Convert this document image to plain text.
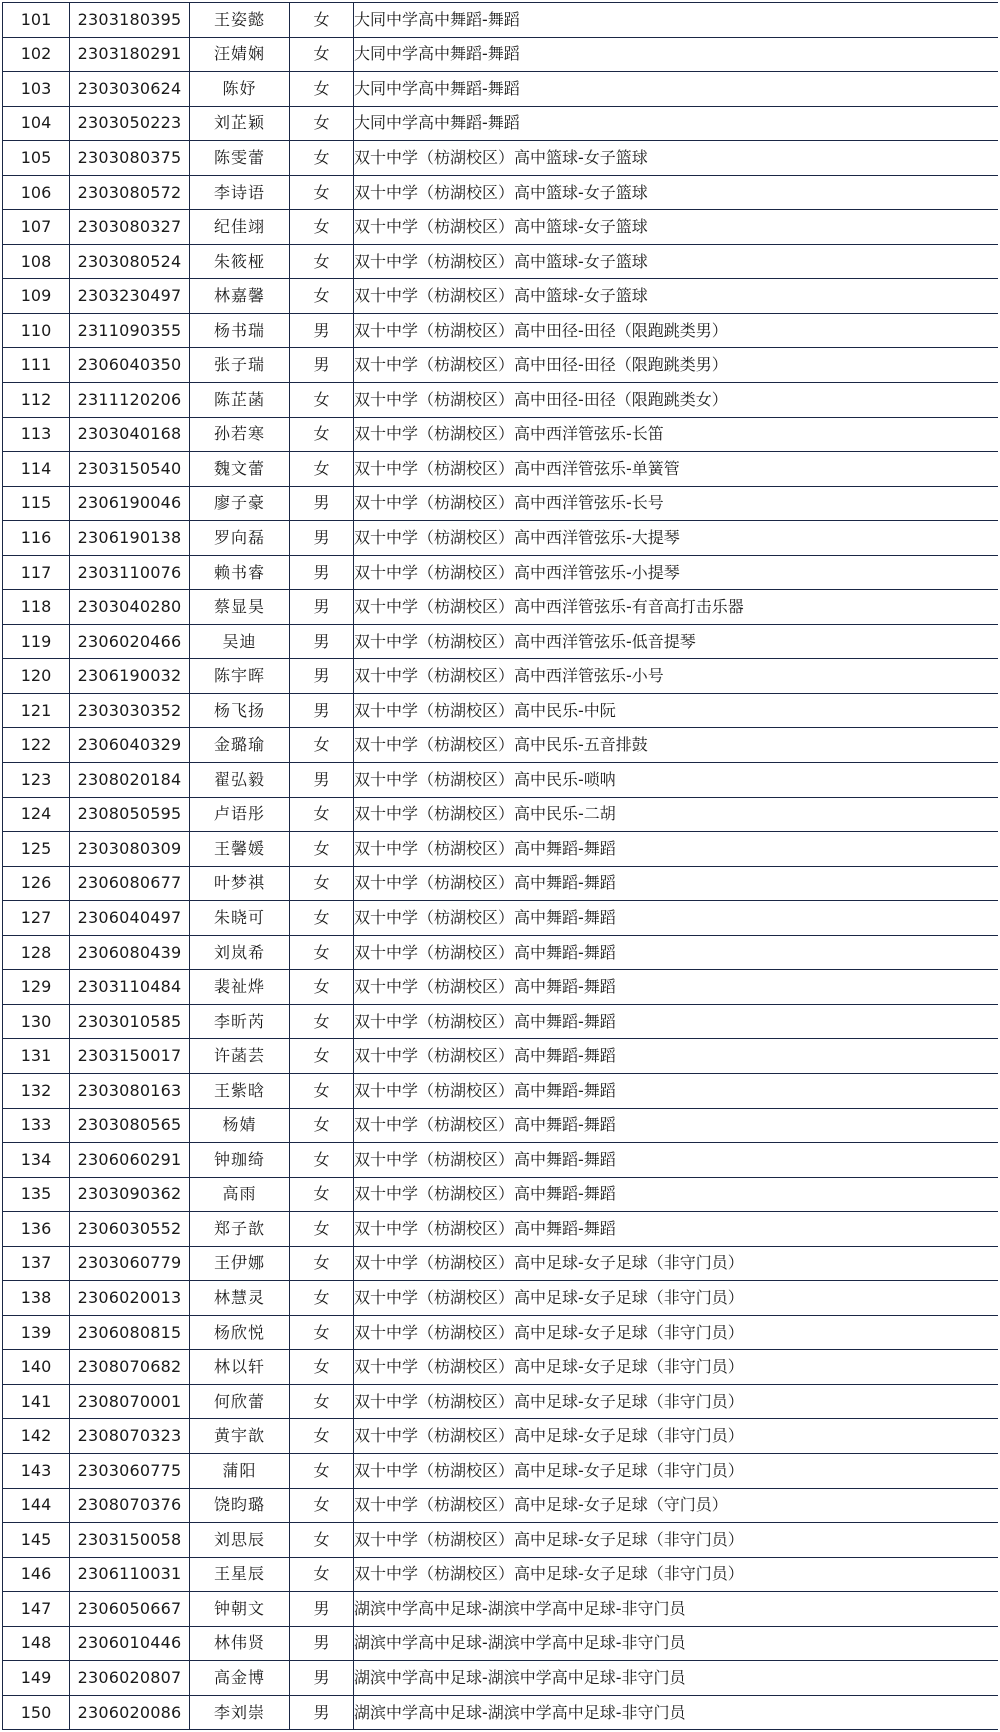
101	2303180395	王姿懿	女	大同中学高中舞蹈-舞蹈
102	2303180291	汪婧娴	女	大同中学高中舞蹈-舞蹈
103	2303030624	陈妤	女	大同中学高中舞蹈-舞蹈
104	2303050223	刘芷颖	女	大同中学高中舞蹈-舞蹈
105	2303080375	陈雯蕾	女	双十中学（枋湖校区）高中篮球-女子篮球
106	2303080572	李诗语	女	双十中学（枋湖校区）高中篮球-女子篮球
107	2303080327	纪佳翊	女	双十中学（枋湖校区）高中篮球-女子篮球
108	2303080524	朱筱桠	女	双十中学（枋湖校区）高中篮球-女子篮球
109	2303230497	林嘉馨	女	双十中学（枋湖校区）高中篮球-女子篮球
110	2311090355	杨书瑞	男	双十中学（枋湖校区）高中田径-田径（限跑跳类男）
111	2306040350	张子瑞	男	双十中学（枋湖校区）高中田径-田径（限跑跳类男）
112	2311120206	陈芷菡	女	双十中学（枋湖校区）高中田径-田径（限跑跳类女）
113	2303040168	孙若寒	女	双十中学（枋湖校区）高中西洋管弦乐-长笛
114	2303150540	魏文蕾	女	双十中学（枋湖校区）高中西洋管弦乐-单簧管
115	2306190046	廖子豪	男	双十中学（枋湖校区）高中西洋管弦乐-长号
116	2306190138	罗向磊	男	双十中学（枋湖校区）高中西洋管弦乐-大提琴
117	2303110076	赖书睿	男	双十中学（枋湖校区）高中西洋管弦乐-小提琴
118	2303040280	蔡显昊	男	双十中学（枋湖校区）高中西洋管弦乐-有音高打击乐器
119	2306020466	吴迪	男	双十中学（枋湖校区）高中西洋管弦乐-低音提琴
120	2306190032	陈宇晖	男	双十中学（枋湖校区）高中西洋管弦乐-小号
121	2303030352	杨飞扬	男	双十中学（枋湖校区）高中民乐-中阮
122	2306040329	金璐瑜	女	双十中学（枋湖校区）高中民乐-五音排鼓
123	2308020184	翟弘毅	男	双十中学（枋湖校区）高中民乐-唢呐
124	2308050595	卢语彤	女	双十中学（枋湖校区）高中民乐-二胡
125	2303080309	王馨媛	女	双十中学（枋湖校区）高中舞蹈-舞蹈
126	2306080677	叶梦祺	女	双十中学（枋湖校区）高中舞蹈-舞蹈
127	2306040497	朱晓可	女	双十中学（枋湖校区）高中舞蹈-舞蹈
128	2306080439	刘岚希	女	双十中学（枋湖校区）高中舞蹈-舞蹈
129	2303110484	裴祉烨	女	双十中学（枋湖校区）高中舞蹈-舞蹈
130	2303010585	李昕芮	女	双十中学（枋湖校区）高中舞蹈-舞蹈
131	2303150017	许菡芸	女	双十中学（枋湖校区）高中舞蹈-舞蹈
132	2303080163	王紫晗	女	双十中学（枋湖校区）高中舞蹈-舞蹈
133	2303080565	杨婧	女	双十中学（枋湖校区）高中舞蹈-舞蹈
134	2306060291	钟珈绮	女	双十中学（枋湖校区）高中舞蹈-舞蹈
135	2303090362	高雨	女	双十中学（枋湖校区）高中舞蹈-舞蹈
136	2306030552	郑子歆	女	双十中学（枋湖校区）高中舞蹈-舞蹈
137	2303060779	王伊娜	女	双十中学（枋湖校区）高中足球-女子足球（非守门员）
138	2306020013	林慧灵	女	双十中学（枋湖校区）高中足球-女子足球（非守门员）
139	2306080815	杨欣悦	女	双十中学（枋湖校区）高中足球-女子足球（非守门员）
140	2308070682	林以轩	女	双十中学（枋湖校区）高中足球-女子足球（非守门员）
141	2308070001	何欣蕾	女	双十中学（枋湖校区）高中足球-女子足球（非守门员）
142	2308070323	黄宇歆	女	双十中学（枋湖校区）高中足球-女子足球（非守门员）
143	2303060775	蒲阳	女	双十中学（枋湖校区）高中足球-女子足球（非守门员）
144	2308070376	饶昀璐	女	双十中学（枋湖校区）高中足球-女子足球（守门员）
145	2303150058	刘思辰	女	双十中学（枋湖校区）高中足球-女子足球（非守门员）
146	2306110031	王星辰	女	双十中学（枋湖校区）高中足球-女子足球（非守门员）
147	2306050667	钟朝文	男	湖滨中学高中足球-湖滨中学高中足球-非守门员
148	2306010446	林伟贤	男	湖滨中学高中足球-湖滨中学高中足球-非守门员
149	2306020807	高金博	男	湖滨中学高中足球-湖滨中学高中足球-非守门员
150	2306020086	李刘崇	男	湖滨中学高中足球-湖滨中学高中足球-非守门员
